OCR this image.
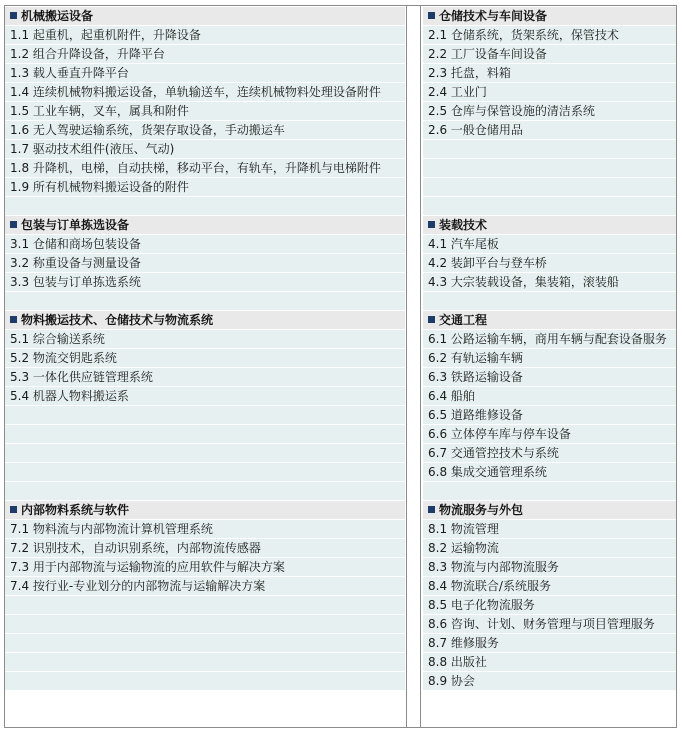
机械搬运设备
1.1 起重机，起重机附件，升降设备
1.2 组合升降设备，升降平台
1.3 载人垂直升降平台
1.4 连续机械物料搬运设备，单轨输送车，连续机械物料处理设备附件
1.5 工业车辆，叉车，属具和附件
1.6 无人驾驶运输系统，货架存取设备，手动搬运车
1.7 驱动技术组件(液压、气动)
1.8 升降机，电梯，自动扶梯，移动平台，有轨车，升降机与电梯附件
1.9 所有机械物料搬运设备的附件
包装与订单拣选设备
3.1 仓储和商场包装设备
3.2 称重设备与测量设备
3.3 包装与订单拣选系统
物料搬运技术、仓储技术与物流系统
5.1 综合输送系统
5.2 物流交钥匙系统
5.3 一体化供应链管理系统
5.4 机器人物料搬运系
内部物料系统与软件
7.1 物料流与内部物流计算机管理系统
7.2 识别技术，自动识别系统，内部物流传感器
7.3 用于内部物流与运输物流的应用软件与解决方案
7.4 按行业-专业划分的内部物流与运输解决方案
仓储技术与车间设备
2.1 仓储系统，货架系统，保管技术
2.2 工厂设备车间设备
2.3 托盘，料箱
2.4 工业门
2.5 仓库与保管设施的清洁系统
2.6 一般仓储用品
装载技术
4.1 汽车尾板
4.2 装卸平台与登车桥
4.3 大宗装载设备，集装箱，滚装船
交通工程
6.1 公路运输车辆，商用车辆与配套设备服务
6.2 有轨运输车辆
6.3 铁路运输设备
6.4 船舶
6.5 道路维修设备
6.6 立体停车库与停车设备
6.7 交通管控技术与系统
6.8 集成交通管理系统
物流服务与外包
8.1 物流管理
8.2 运输物流
8.3 物流与内部物流服务
8.4 物流联合/系统服务
8.5 电子化物流服务
8.6 咨询、计划、财务管理与项目管理服务
8.7 维修服务
8.8 出版社
8.9 协会
